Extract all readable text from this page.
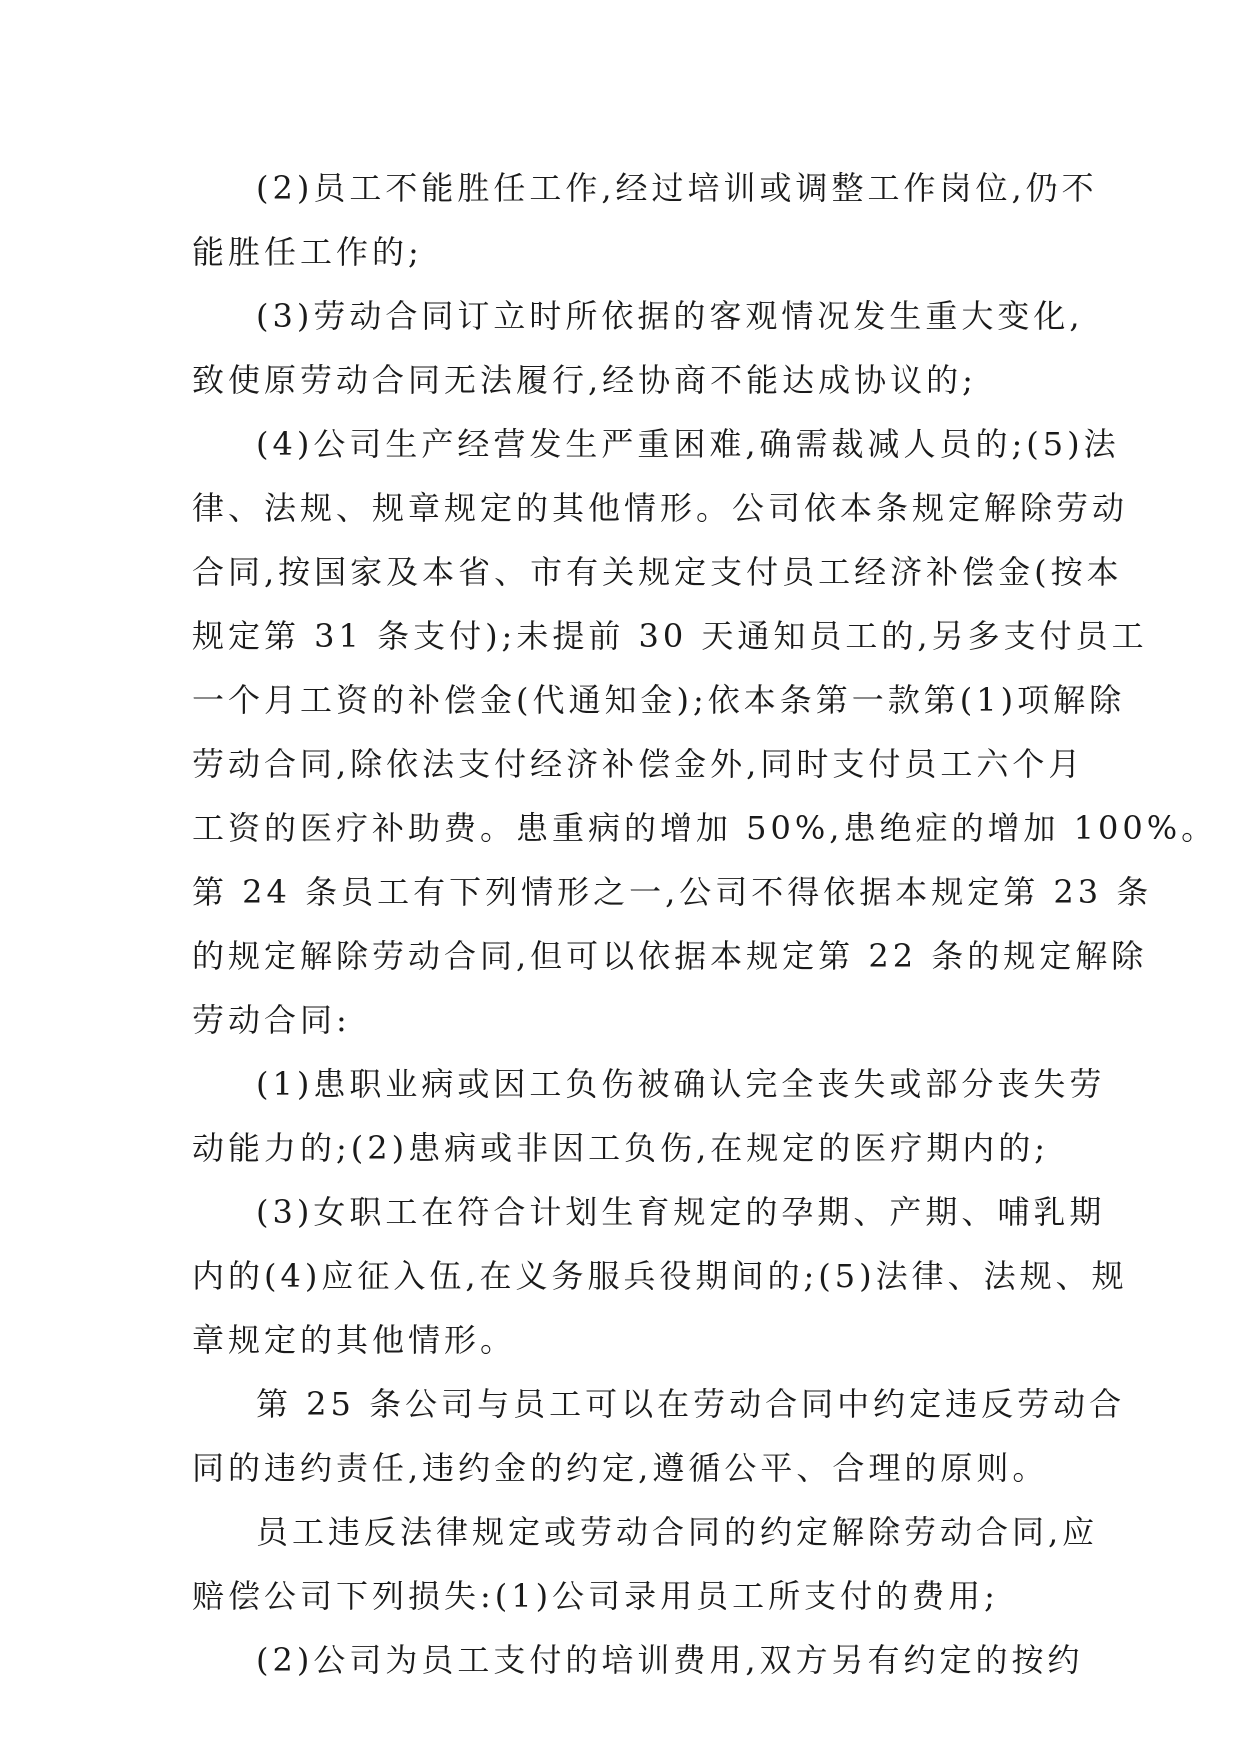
(2)员工不能胜任工作,经过培训或调整工作岗位,仍不
能胜任工作的;
(3)劳动合同订立时所依据的客观情况发生重大变化,
致使原劳动合同无法履行,经协商不能达成协议的;
(4)公司生产经营发生严重困难,确需裁减人员的;(5)法
律、法规、规章规定的其他情形。公司依本条规定解除劳动
合同,按国家及本省、市有关规定支付员工经济补偿金(按本
规定第 31 条支付);未提前 30 天通知员工的,另多支付员工
一个月工资的补偿金(代通知金);依本条第一款第(1)项解除
劳动合同,除依法支付经济补偿金外,同时支付员工六个月
工资的医疗补助费。患重病的增加 50%,患绝症的增加 100%。
第 24 条员工有下列情形之一,公司不得依据本规定第 23 条
的规定解除劳动合同,但可以依据本规定第 22 条的规定解除
劳动合同:
(1)患职业病或因工负伤被确认完全丧失或部分丧失劳
动能力的;(2)患病或非因工负伤,在规定的医疗期内的;
(3)女职工在符合计划生育规定的孕期、产期、哺乳期
内的(4)应征入伍,在义务服兵役期间的;(5)法律、法规、规
章规定的其他情形。
第 25 条公司与员工可以在劳动合同中约定违反劳动合
同的违约责任,违约金的约定,遵循公平、合理的原则。
员工违反法律规定或劳动合同的约定解除劳动合同,应
赔偿公司下列损失:(1)公司录用员工所支付的费用;
(2)公司为员工支付的培训费用,双方另有约定的按约
